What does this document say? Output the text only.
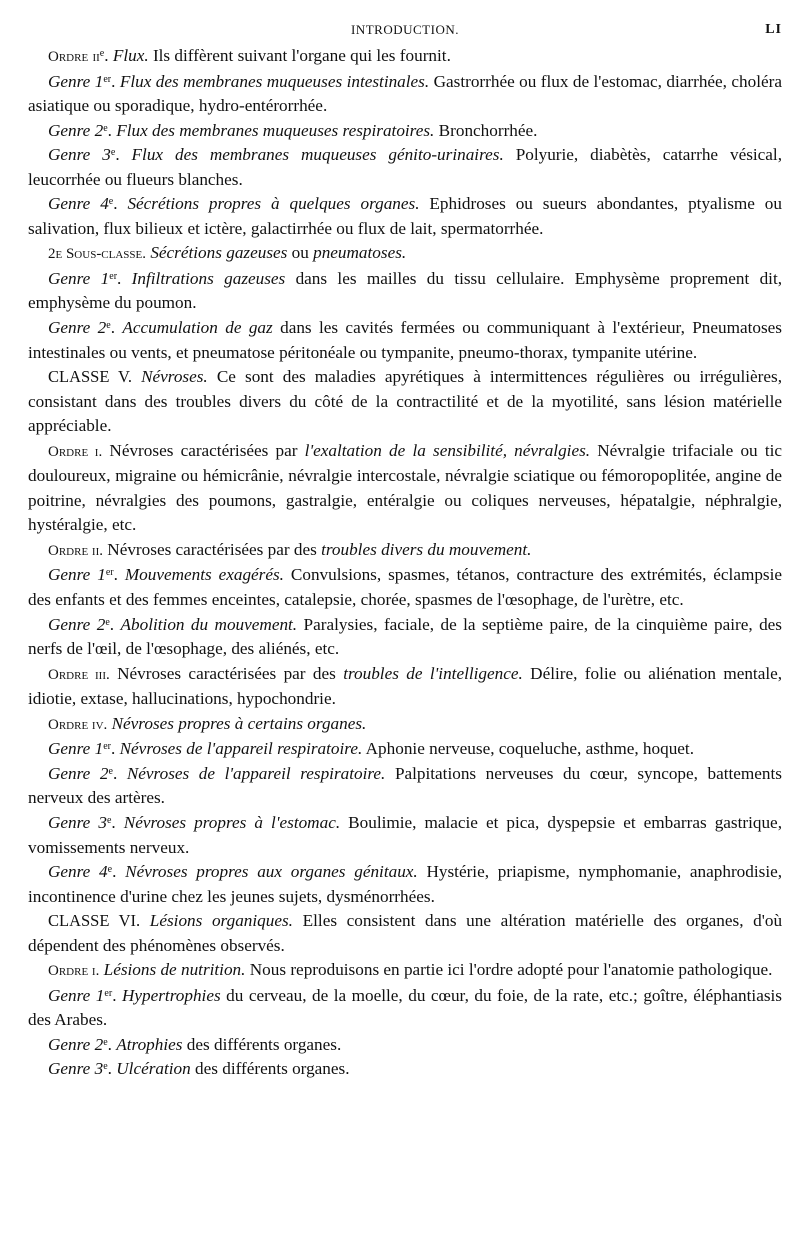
INTRODUCTION.	LI

Ordre $ii^e$. Flux. Ils diffèrent suivant l'organe qui les fournit.

Genre 1er. Flux des membranes muqueuses intestinales. Gastrorrhée ou flux de l'estomac, diarrhée, choléra asiatique ou sporadique, hydro-entérorrhée.

Genre 2e. Flux des membranes muqueuses respiratoires. Bronchorrhée.

Genre 3e. Flux des membranes muqueuses génito-urinaires. Polyurie, diabètès, catarrhe vésical, leucorrhée ou flueurs blanches.

Genre 4e. Sécrétions propres à quelques organes. Ephidroses ou sueurs abondantes, ptyalisme ou salivation, flux bilieux et ictère, galactirrhée ou flux de lait, spermatorrhée.

2e Sous-classe. Sécrétions gazeuses ou pneumatoses.

Genre 1er. Infiltrations gazeuses dans les mailles du tissu cellulaire. Emphysème proprement dit, emphysème du poumon.

Genre 2e. Accumulation de gaz dans les cavités fermées ou communiquant à l'extérieur, Pneumatoses intestinales ou vents, et pneumatose péritonéale ou tympanite, pneumo-thorax, tympanite utérine.

CLASSE V. Névroses. Ce sont des maladies apyrétiques à intermittences régulières ou irrégulières, consistant dans des troubles divers du côté de la contractilité et de la myotilité, sans lésion matérielle appréciable.

Ordre i. Névroses caractérisées par l'exaltation de la sensibilité, névralgies. Névralgie trifaciale ou tic douloureux, migraine ou hémicrânie, névralgie intercostale, névralgie sciatique ou fémoropoplitée, angine de poitrine, névralgies des poumons, gastralgie, entéralgie ou coliques nerveuses, hépatalgie, néphralgie, hystéralgie, etc.

Ordre ii. Névroses caractérisées par des troubles divers du mouvement.

Genre 1er. Mouvements exagérés. Convulsions, spasmes, tétanos, contracture des extrémités, éclampsie des enfants et des femmes enceintes, catalepsie, chorée, spasmes de l'œsophage, de l'urètre, etc.

Genre 2e. Abolition du mouvement. Paralysies, faciale, de la septième paire, de la cinquième paire, des nerfs de l'œil, de l'œsophage, des aliénés, etc.

Ordre iii. Névroses caractérisées par des troubles de l'intelligence. Délire, folie ou aliénation mentale, idiotie, extase, hallucinations, hypochondrie.

Ordre iv. Névroses propres à certains organes.

Genre 1er. Névroses de l'appareil respiratoire. Aphonie nerveuse, coqueluche, asthme, hoquet.

Genre 2e. Névroses de l'appareil respiratoire. Palpitations nerveuses du cœur, syncope, battements nerveux des artères.

Genre 3e. Névroses propres à l'estomac. Boulimie, malacie et pica, dyspepsie et embarras gastrique, vomissements nerveux.

Genre 4e. Névroses propres aux organes génitaux. Hystérie, priapisme, nymphomanie, anaphrodisie, incontinence d'urine chez les jeunes sujets, dysménorrhées.

CLASSE VI. Lésions organiques. Elles consistent dans une altération matérielle des organes, d'où dépendent des phénomènes observés.

Ordre i. Lésions de nutrition. Nous reproduisons en partie ici l'ordre adopté pour l'anatomie pathologique.

Genre 1er. Hypertrophies du cerveau, de la moelle, du cœur, du foie, de la rate, etc.; goître, éléphantiasis des Arabes.

Genre 2e. Atrophies des différents organes.

Genre 3e. Ulcération des différents organes.
